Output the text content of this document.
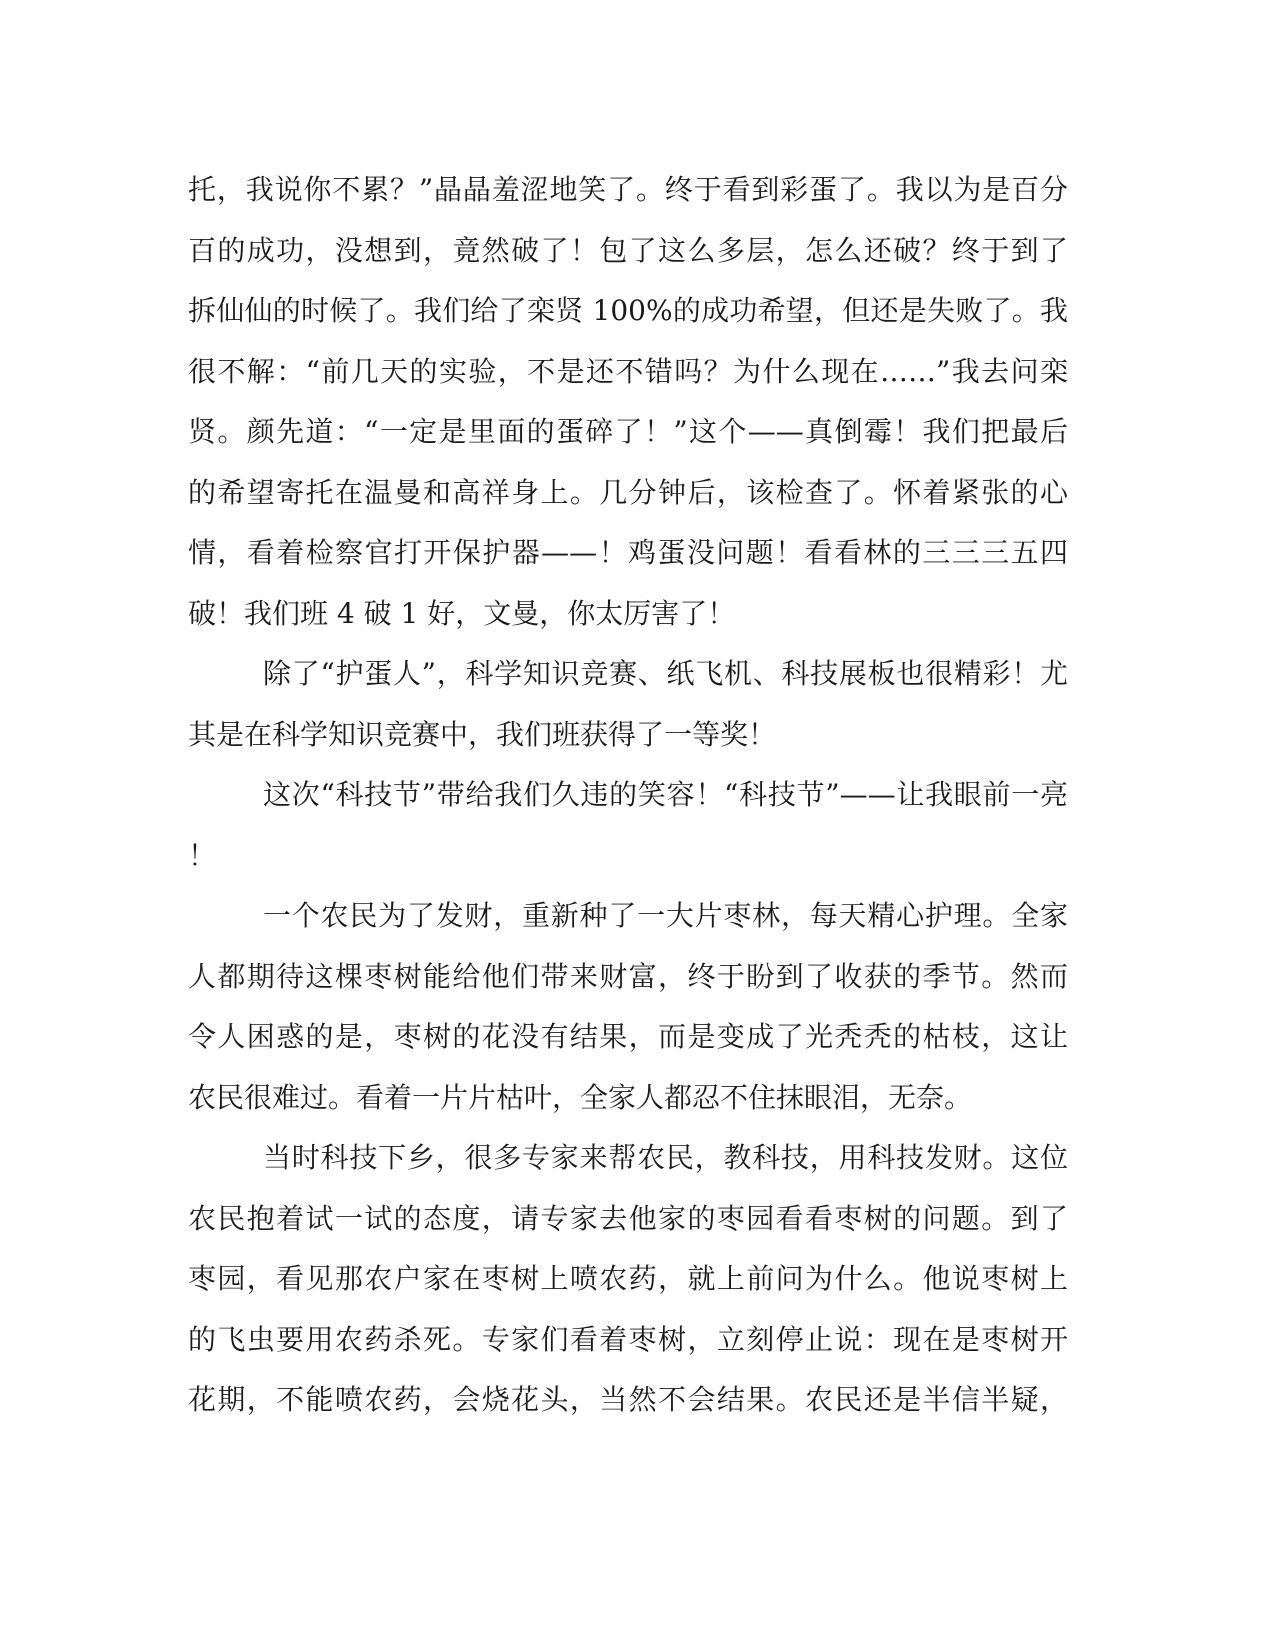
托，我说你不累？”晶晶羞涩地笑了。终于看到彩蛋了。我以为是百分
百的成功，没想到，竟然破了！包了这么多层，怎么还破？终于到了
拆仙仙的时候了。我们给了栾贤 100%的成功希望，但还是失败了。我
很不解：“前几天的实验，不是还不错吗？为什么现在……”我去问栾
贤。颜先道：“一定是里面的蛋碎了！”这个——真倒霉！我们把最后
的希望寄托在温曼和高祥身上。几分钟后，该检查了。怀着紧张的心
情，看着检察官打开保护器——！鸡蛋没问题！看看林的三三三五四
破！我们班 4 破 1 好，文曼，你太厉害了！
除了“护蛋人”，科学知识竞赛、纸飞机、科技展板也很精彩！尤
其是在科学知识竞赛中，我们班获得了一等奖！
这次“科技节”带给我们久违的笑容！“科技节”——让我眼前一亮
！
一个农民为了发财，重新种了一大片枣林，每天精心护理。全家
人都期待这棵枣树能给他们带来财富，终于盼到了收获的季节。然而
令人困惑的是，枣树的花没有结果，而是变成了光秃秃的枯枝，这让
农民很难过。看着一片片枯叶，全家人都忍不住抹眼泪，无奈。
当时科技下乡，很多专家来帮农民，教科技，用科技发财。这位
农民抱着试一试的态度，请专家去他家的枣园看看枣树的问题。到了
枣园，看见那农户家在枣树上喷农药，就上前问为什么。他说枣树上
的飞虫要用农药杀死。专家们看着枣树，立刻停止说：现在是枣树开
花期，不能喷农药，会烧花头，当然不会结果。农民还是半信半疑，
